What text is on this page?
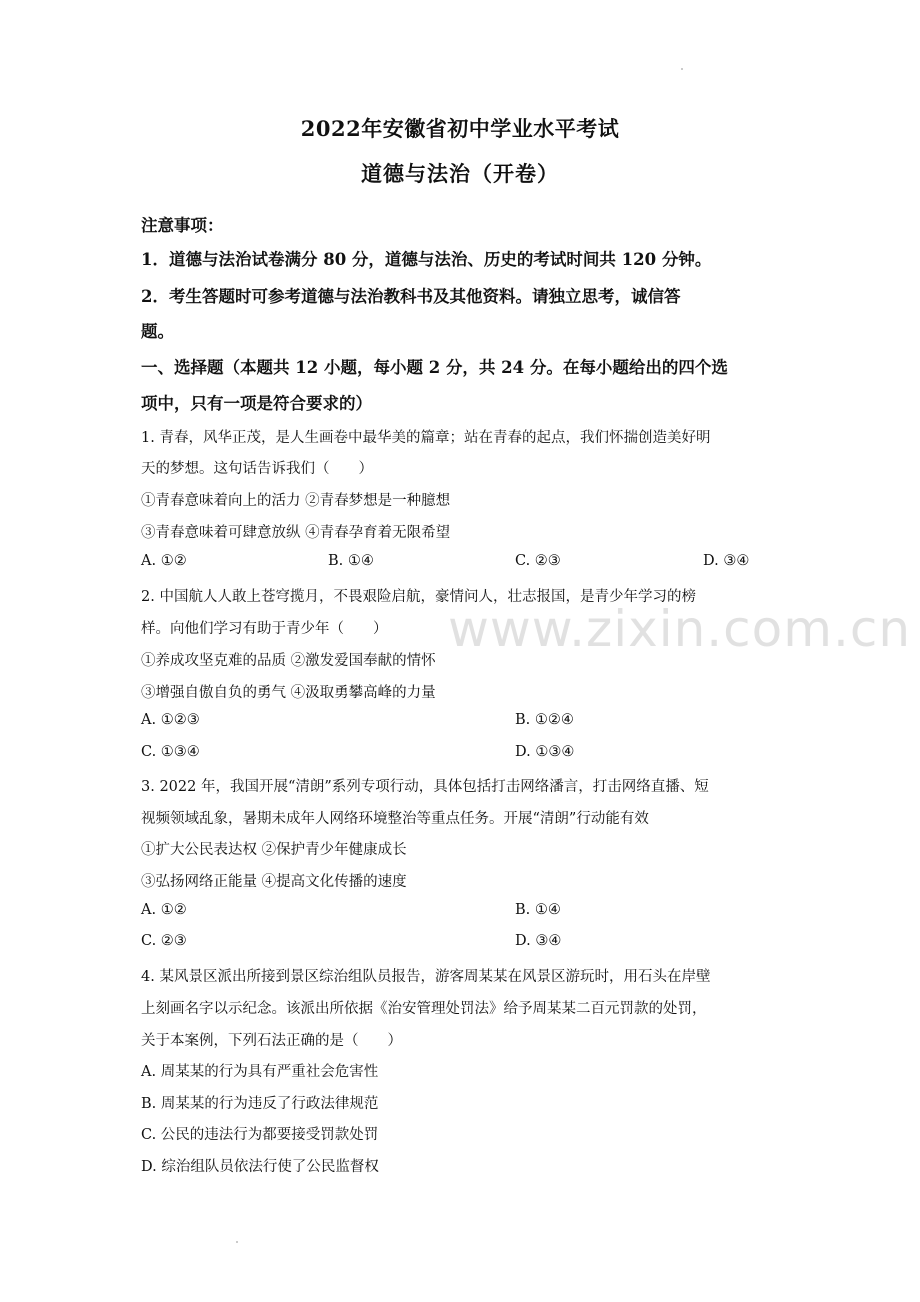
2022年安徽省初中学业水平考试
道德与法治（开卷）
注意事项：
1．道德与法治试卷满分 80 分，道德与法治、历史的考试时间共 120 分钟。
2．考生答题时可参考道德与法治教科书及其他资料。请独立思考，诚信答
题。
一、选择题（本题共 12 小题，每小题 2 分，共 24 分。在每小题给出的四个选
项中，只有一项是符合要求的）
1. 青春，风华正茂，是人生画卷中最华美的篇章；站在青春的起点，我们怀揣创造美好明
天的梦想。这句话告诉我们（　　）
①青春意味着向上的活力 ②青春梦想是一种臆想
③青春意味着可肆意放纵 ④青春孕育着无限希望
A. ①②	B. ①④	C. ②③	D. ③④
2. 中国航人人敢上苍穹揽月，不畏艰险启航，豪情问人，壮志报国，是青少年学习的榜
样。向他们学习有助于青少年（　　）
①养成攻坚克难的品质 ②激发爱国奉献的情怀
③增强自傲自负的勇气 ④汲取勇攀高峰的力量
A. ①②③	B. ①②④
C. ①③④	D. ①③④
3. 2022 年，我国开展“清朗”系列专项行动，具体包括打击网络潘言，打击网络直播、短
视频领域乱象，暑期未成年人网络环境整治等重点任务。开展“清朗”行动能有效
①扩大公民表达权 ②保护青少年健康成长
③弘扬网络正能量 ④提高文化传播的速度
A. ①②	B. ①④
C. ②③	D. ③④
4. 某风景区派出所接到景区综治组队员报告，游客周某某在风景区游玩时，用石头在岸壁
上刻画名字以示纪念。该派出所依据《治安管理处罚法》给予周某某二百元罚款的处罚，
关于本案例，下列石法正确的是（　　）
A. 周某某的行为具有严重社会危害性
B. 周某某的行为违反了行政法律规范
C. 公民的违法行为都要接受罚款处罚
D. 综治组队员依法行使了公民监督权
www.zixin.com.cn
